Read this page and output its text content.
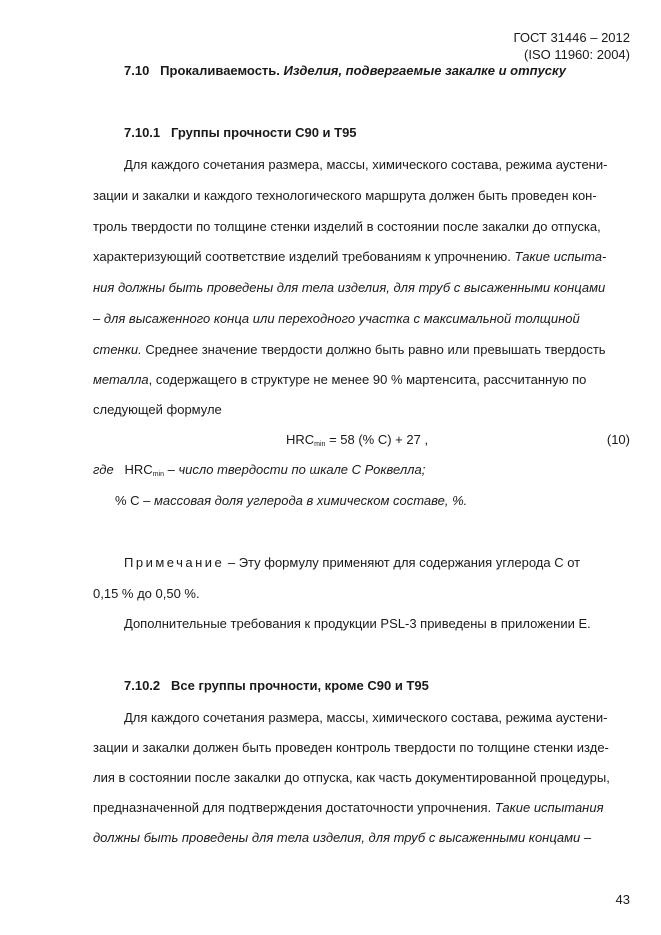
ГОСТ 31446 – 2012
(ISO 11960: 2004)
7.10 Прокаливаемость. Изделия, подвергаемые закалке и отпуску
7.10.1 Группы прочности С90 и Т95
Для каждого сочетания размера, массы, химического состава, режима аустени-
зации и закалки и каждого технологического маршрута должен быть проведен кон-
троль твердости по толщине стенки изделий в состоянии после закалки до отпуска,
характеризующий соответствие изделий требованиям к упрочнению. Такие испыта-
ния должны быть проведены для тела изделия, для труб с высаженными концами
– для высаженного конца или переходного участка с максимальной толщиной
стенки. Среднее значение твердости должно быть равно или превышать твердость
металла, содержащего в структуре не менее 90 % мартенсита, рассчитанную по
следующей формуле
$HRC_{min} = 58$ (% C) + 27 ,	(10)
где $HRC_{min}$ – число твердости по шкале С Роквелла;
% С – массовая доля углерода в химическом составе, %.
Примечание – Эту формулу применяют для содержания углерода С от
0,15 % до 0,50 %.
Дополнительные требования к продукции PSL-3 приведены в приложении Е.
7.10.2 Все группы прочности, кроме С90 и Т95
Для каждого сочетания размера, массы, химического состава, режима аустени-
зации и закалки должен быть проведен контроль твердости по толщине стенки изде-
лия в состоянии после закалки до отпуска, как часть документированной процедуры,
предназначенной для подтверждения достаточности упрочнения. Такие испытания
должны быть проведены для тела изделия, для труб с высаженными концами –
43
